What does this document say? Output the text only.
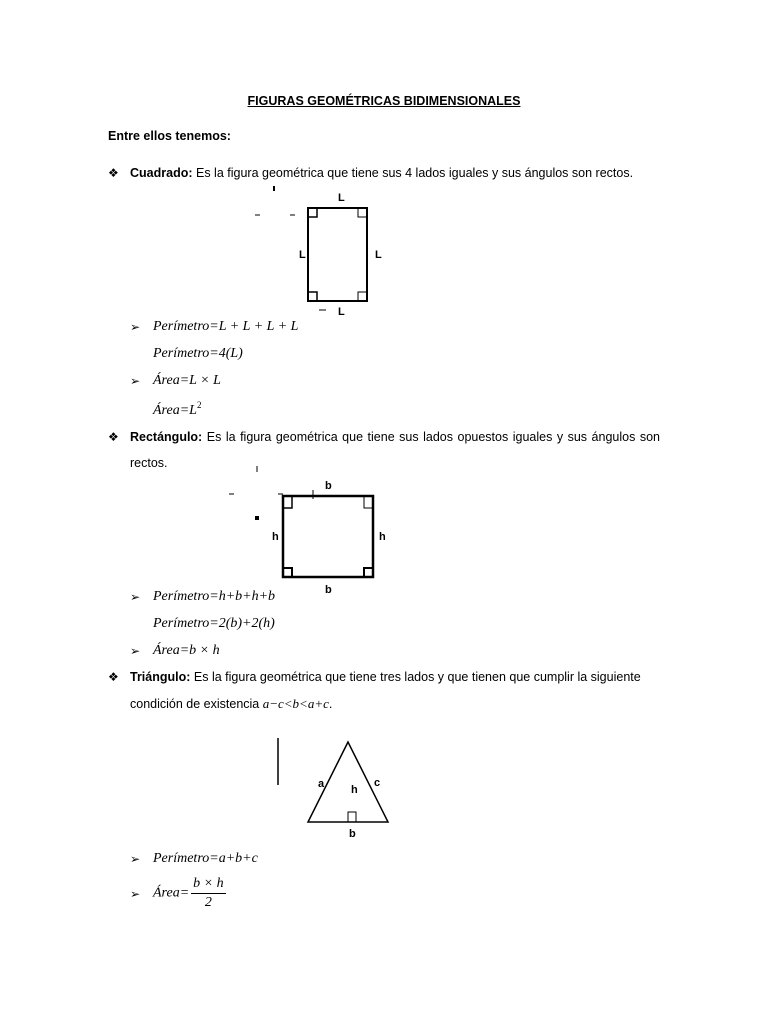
FIGURAS GEOMÉTRICAS BIDIMENSIONALES
Entre ellos tenemos:
❖ Cuadrado: Es la figura geométrica que tiene sus 4 lados iguales y sus ángulos son rectos.
L
L	L
L
➢ Perímetro=L + L + L + L
Perímetro=4(L)
➢ Área=L × L
$Área=L^2$
❖ Rectángulo: Es la figura geométrica que tiene sus lados opuestos iguales y sus ángulos son
rectos.
b
h	h
b
➢ Perímetro=h+b+h+b
Perímetro=2(b)+2(h)
➢ Área=b × h
❖ Triángulo: Es la figura geométrica que tiene tres lados y que tienen que cumplir la siguiente
condición de existencia a−c<b<a+c.
a	c
h
b
➢ Perímetro=a+b+c
➢ Área= $\frac{b \times h}{2}$
